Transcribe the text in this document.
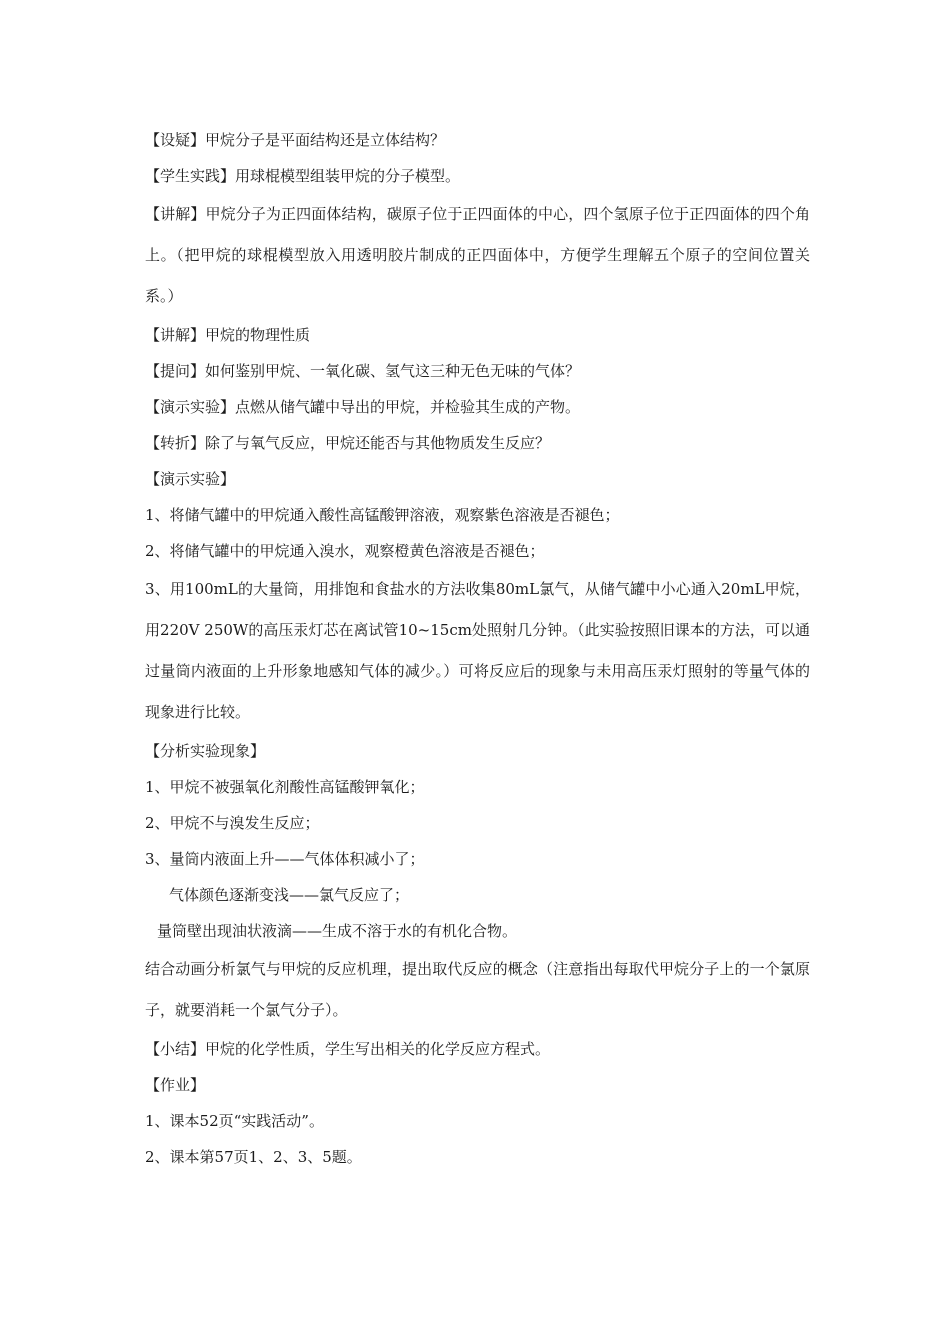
【设疑】甲烷分子是平面结构还是立体结构？
【学生实践】用球棍模型组装甲烷的分子模型。
【讲解】甲烷分子为正四面体结构，碳原子位于正四面体的中心，四个氢原子位于正四面体的四个角上。（把甲烷的球棍模型放入用透明胶片制成的正四面体中，方便学生理解五个原子的空间位置关系。）
【讲解】甲烷的物理性质
【提问】如何鉴别甲烷、一氧化碳、氢气这三种无色无味的气体？
【演示实验】点燃从储气罐中导出的甲烷，并检验其生成的产物。
【转折】除了与氧气反应，甲烷还能否与其他物质发生反应？
【演示实验】
1、将储气罐中的甲烷通入酸性高锰酸钾溶液，观察紫色溶液是否褪色；
2、将储气罐中的甲烷通入溴水，观察橙黄色溶液是否褪色；
3、用100mL的大量筒，用排饱和食盐水的方法收集80mL氯气，从储气罐中小心通入20mL甲烷，用220V 250W的高压汞灯芯在离试管10~15cm处照射几分钟。（此实验按照旧课本的方法，可以通过量筒内液面的上升形象地感知气体的减少。）可将反应后的现象与未用高压汞灯照射的等量气体的现象进行比较。
【分析实验现象】
1、甲烷不被强氧化剂酸性高锰酸钾氧化；
2、甲烷不与溴发生反应；
3、量筒内液面上升——气体体积减小了；
气体颜色逐渐变浅——氯气反应了；
量筒壁出现油状液滴——生成不溶于水的有机化合物。
结合动画分析氯气与甲烷的反应机理，提出取代反应的概念（注意指出每取代甲烷分子上的一个氯原子，就要消耗一个氯气分子）。
【小结】甲烷的化学性质，学生写出相关的化学反应方程式。
【作业】
1、课本52页“实践活动”。
2、课本第57页1、2、3、5题。
